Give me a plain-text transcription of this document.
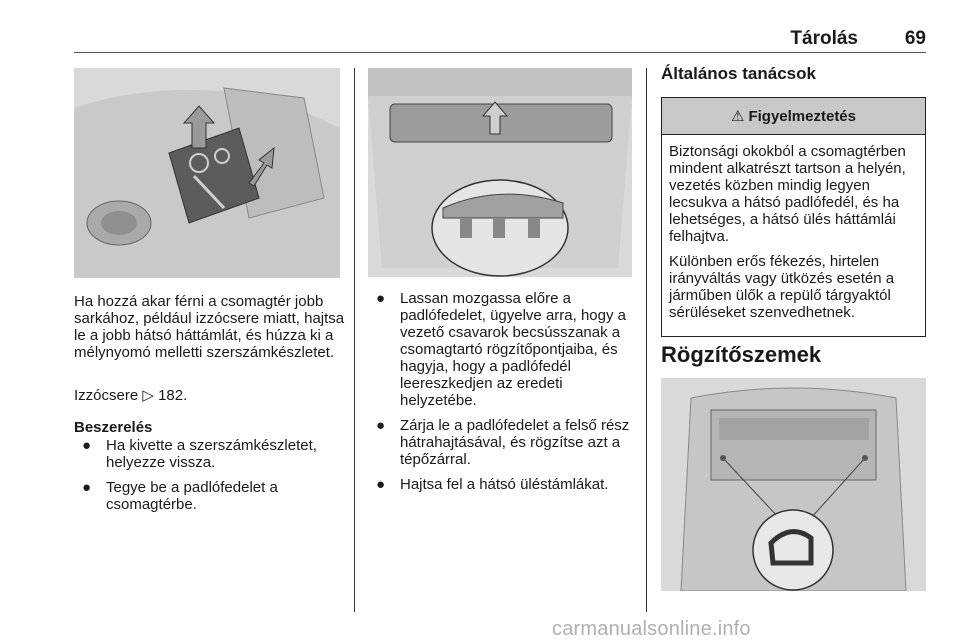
Tárolás 69
Ha hozzá akar férni a csomagtér jobb sarkához, például izzócsere miatt, hajtsa le a jobb hátsó háttámlát, és húzza ki a mélynyomó melletti szerszámkészletet.
Izzócsere ▷ 182.
Beszerelés
● Ha kivette a szerszámkészletet, helyezze vissza.
● Tegye be a padlófedelet a csomagtérbe.
● Lassan mozgassa előre a padlófedelet, ügyelve arra, hogy a vezető csavarok becsússzanak a csomagtartó rögzítőpontjaiba, és hagyja, hogy a padlófedél leereszkedjen az eredeti helyzetébe.
● Zárja le a padlófedelet a felső rész hátrahajtásával, és rögzítse azt a tépőzárral.
● Hajtsa fel a hátsó üléstámlákat.
Általános tanácsok
⚠ Figyelmeztetés

Biztonsági okokból a csomagtérben mindent alkatrészt tartson a helyén, vezetés közben mindig legyen lecsukva a hátsó padlófedél, és ha lehetséges, a hátsó ülés háttámlái felhajtva.

Különben erős fékezés, hirtelen irányváltás vagy ütközés esetén a járműben ülők a repülő tárgyaktól sérüléseket szenvedhetnek.

Rögzítőszemek
carmanualsonline.info
